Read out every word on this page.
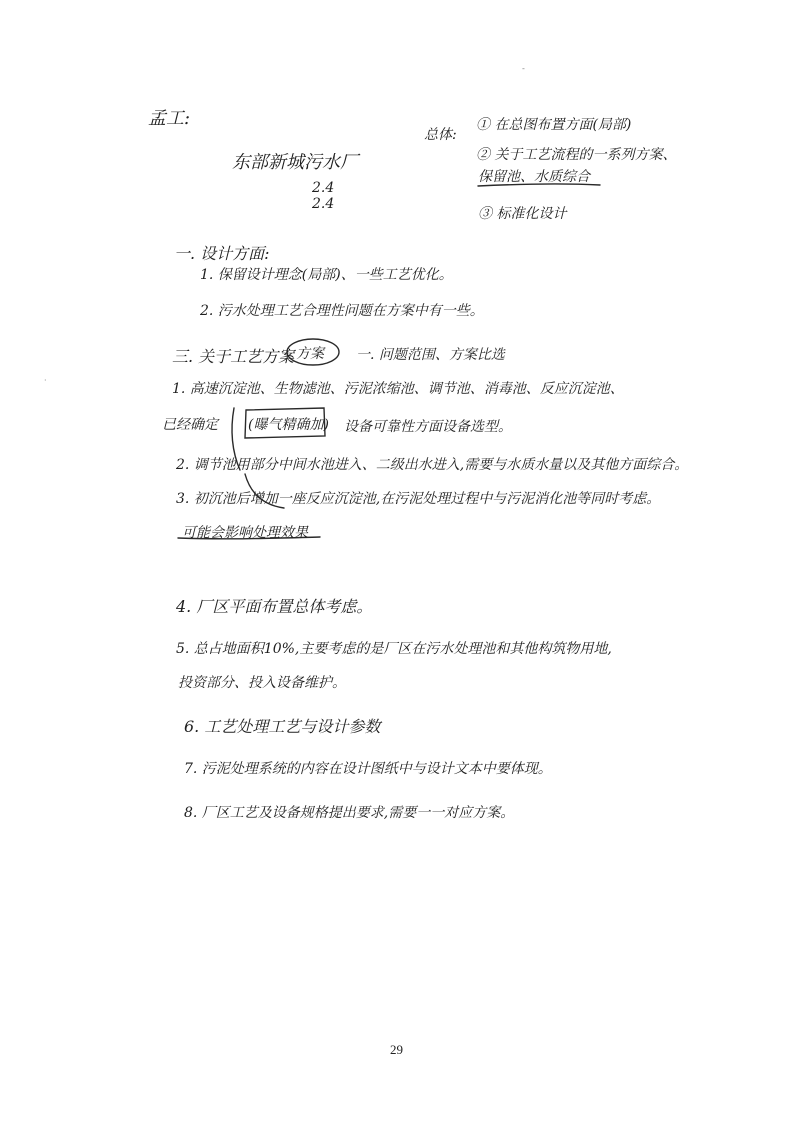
-
·
孟工:
东部新城污水厂
2.4
2.4
总体:
① 在总图布置方面(局部)
② 关于工艺流程的一系列方案、
保留池、水质综合
③ 标准化设计
一. 设计方面:
1. 保留设计理念(局部)、一些工艺优化。
2. 污水处理工艺合理性问题在方案中有一些。
三. 关于工艺方案 方案 一. 问题范围、方案比选
1. 高速沉淀池、生物滤池、污泥浓缩池、调节池、消毒池、反应沉淀池、
已经确定 (曝气精确加) 设备可靠性方面设备选型。
2. 调节池用部分中间水池进入、二级出水进入,需要与水质水量以及其他方面综合。
3. 初沉池后增加一座反应沉淀池,在污泥处理过程中与污泥消化池等同时考虑。
可能会影响处理效果
4. 厂区平面布置总体考虑。
5. 总占地面积10%,主要考虑的是厂区在污水处理池和其他构筑物用地,
投资部分、投入设备维护。
6. 工艺处理工艺与设计参数
7. 污泥处理系统的内容在设计图纸中与设计文本中要体现。
8. 厂区工艺及设备规格提出要求,需要一一对应方案。
29
